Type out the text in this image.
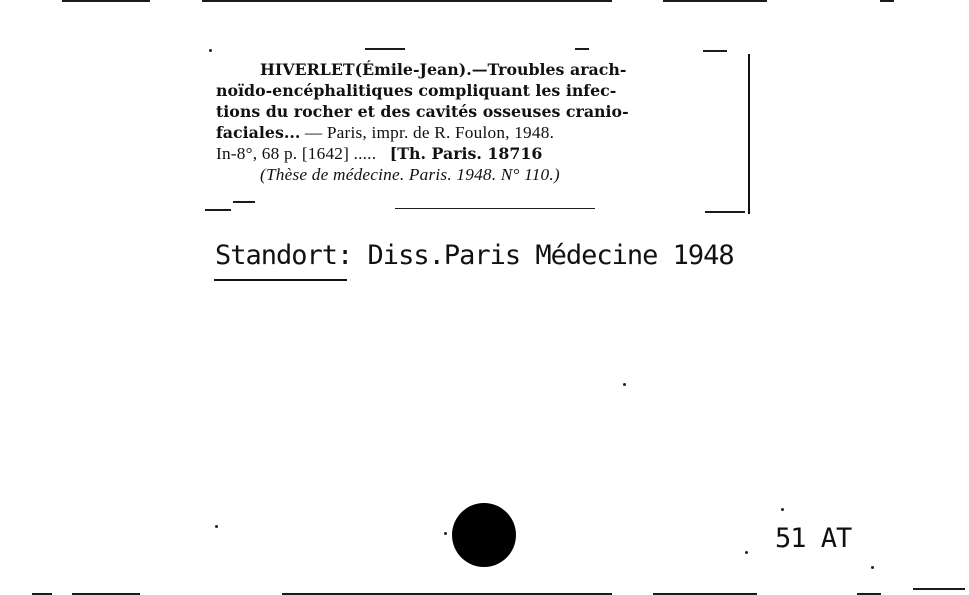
HIVERLET(Émile-Jean).—Troubles arach-
noïdo-encéphalitiques compliquant les infec-
tions du rocher et des cavités osseuses cranio-
faciales... — Paris, impr. de R. Foulon, 1948.
In-8°, 68 p. [1642] ..... [Th. Paris. 18716
(Thèse de médecine. Paris. 1948. N° 110.)
Standort: Diss.Paris Médecine 1948
51 AT
